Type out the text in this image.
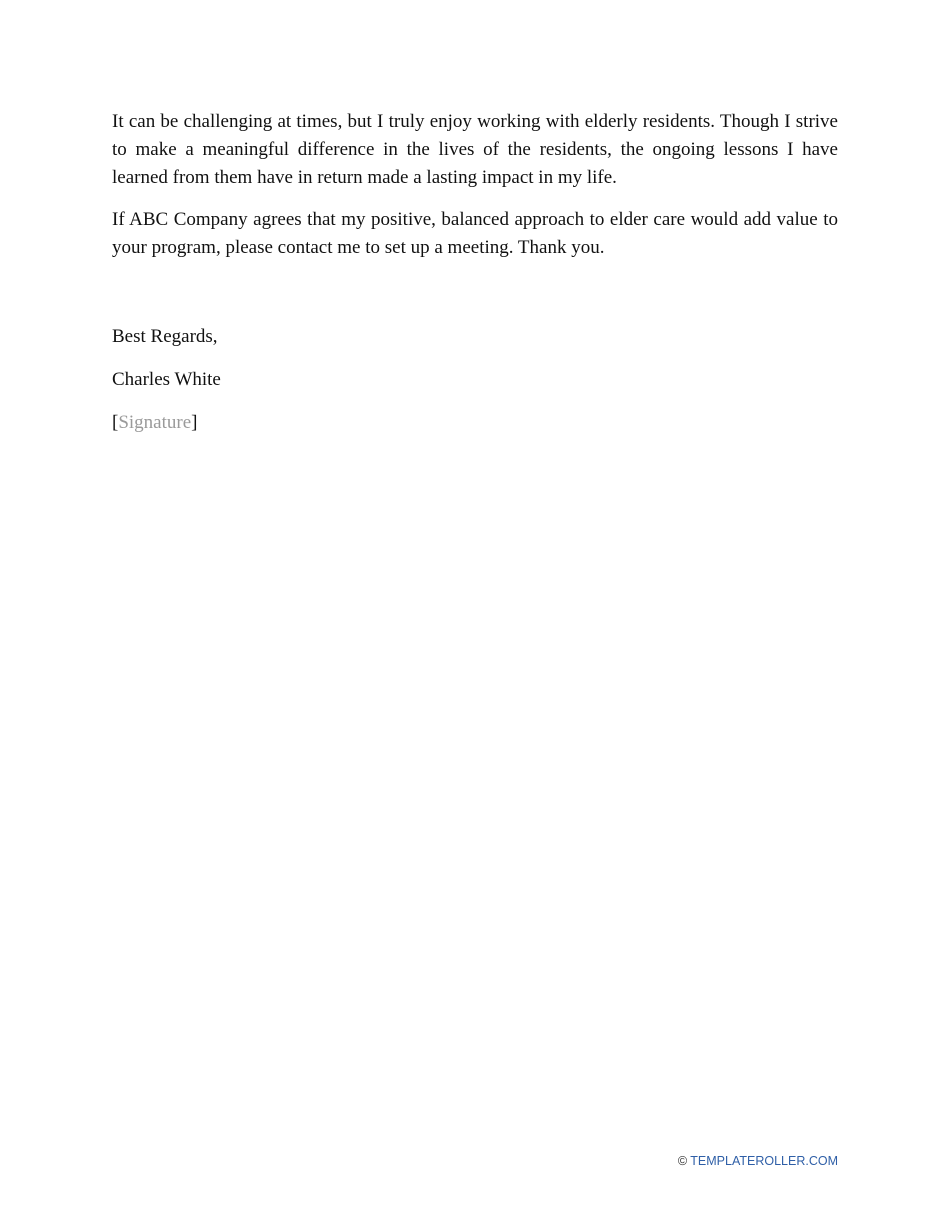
It can be challenging at times, but I truly enjoy working with elderly residents. Though I strive to make a meaningful difference in the lives of the residents, the ongoing lessons I have learned from them have in return made a lasting impact in my life.

If ABC Company agrees that my positive, balanced approach to elder care would add value to your program, please contact me to set up a meeting. Thank you.

Best Regards,

Charles White

[Signature]

© TEMPLATEROLLER.COM
